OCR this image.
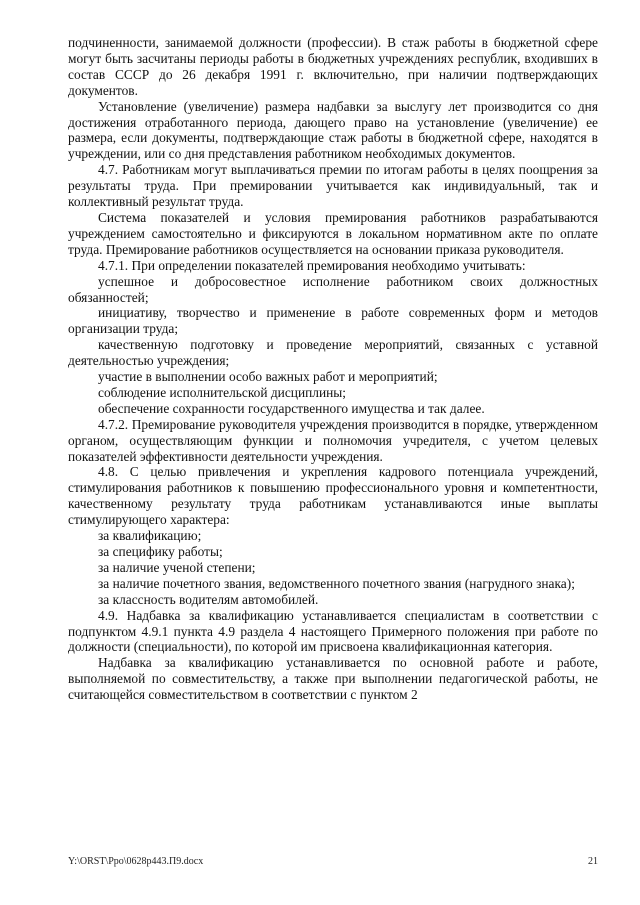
подчиненности, занимаемой должности (профессии). В стаж работы в бюджетной сфере могут быть засчитаны периоды работы в бюджетных учреждениях республик, входивших в состав СССР до 26 декабря 1991 г. включительно, при наличии подтверждающих документов.

Установление (увеличение) размера надбавки за выслугу лет производится со дня достижения отработанного периода, дающего право на установление (увеличение) ее размера, если документы, подтверждающие стаж работы в бюджетной сфере, находятся в учреждении, или со дня представления работником необходимых документов.

4.7. Работникам могут выплачиваться премии по итогам работы в целях поощрения за результаты труда. При премировании учитывается как индивидуальный, так и коллективный результат труда.

Система показателей и условия премирования работников разрабатываются учреждением самостоятельно и фиксируются в локальном нормативном акте по оплате труда. Премирование работников осуществляется на основании приказа руководителя.

4.7.1. При определении показателей премирования необходимо учитывать:

успешное и добросовестное исполнение работником своих должностных обязанностей;

инициативу, творчество и применение в работе современных форм и методов организации труда;

качественную подготовку и проведение мероприятий, связанных с уставной деятельностью учреждения;

участие в выполнении особо важных работ и мероприятий;

соблюдение исполнительской дисциплины;

обеспечение сохранности государственного имущества и так далее.

4.7.2. Премирование руководителя учреждения производится в порядке, утвержденном органом, осуществляющим функции и полномочия учредителя, с учетом целевых показателей эффективности деятельности учреждения.

4.8. С целью привлечения и укрепления кадрового потенциала учреждений, стимулирования работников к повышению профессионального уровня и компетентности, качественному результату труда работникам устанавливаются иные выплаты стимулирующего характера:

за квалификацию;

за специфику работы;

за наличие ученой степени;

за наличие почетного звания, ведомственного почетного звания (нагрудного знака);

за классность водителям автомобилей.

4.9. Надбавка за квалификацию устанавливается специалистам в соответствии с подпунктом 4.9.1 пункта 4.9 раздела 4 настоящего Примерного положения при работе по должности (специальности), по которой им присвоена квалификационная категория.

Надбавка за квалификацию устанавливается по основной работе и работе, выполняемой по совместительству, а также при выполнении педагогической работы, не считающейся совместительством в соответствии с пунктом 2

Y:\ORST\Ppo\0628p443.П9.docx	21
